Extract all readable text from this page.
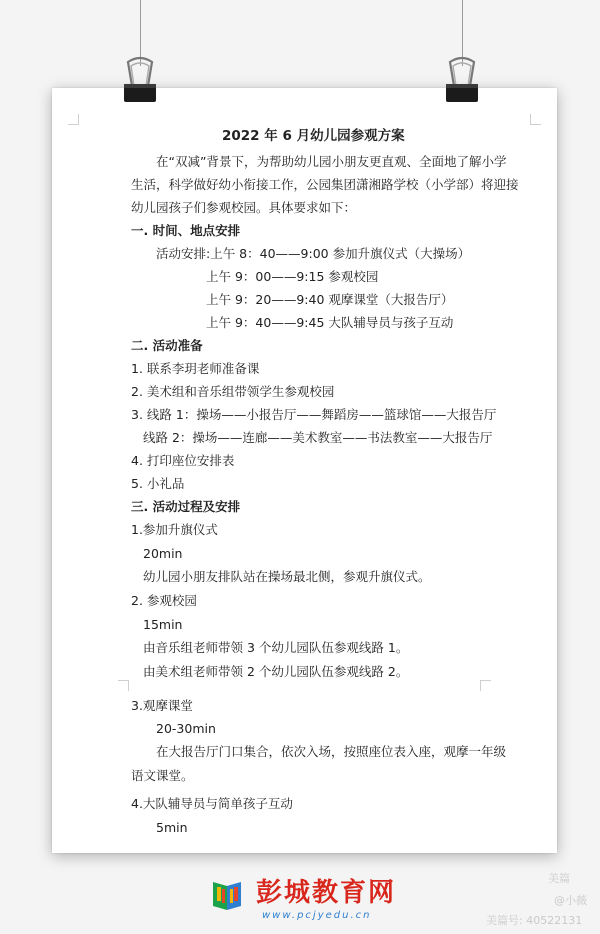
2022 年 6 月幼儿园参观方案
在“双减”背景下，为帮助幼儿园小朋友更直观、全面地了解小学
生活，科学做好幼小衔接工作，公园集团潇湘路学校（小学部）将迎接
幼儿园孩子们参观校园。具体要求如下：
一. 时间、地点安排
活动安排:上午 8：40——9:00 参加升旗仪式（大操场）
上午 9：00——9:15 参观校园
上午 9：20——9:40 观摩课堂（大报告厅）
上午 9：40——9:45 大队辅导员与孩子互动
二. 活动准备
1. 联系李玥老师准备课
2. 美术组和音乐组带领学生参观校园
3. 线路 1：操场——小报告厅——舞蹈房——篮球馆——大报告厅
线路 2：操场——连廊——美术教室——书法教室——大报告厅
4. 打印座位安排表
5. 小礼品
三. 活动过程及安排
1.参加升旗仪式
20min
幼儿园小朋友排队站在操场最北侧，参观升旗仪式。
2. 参观校园
15min
由音乐组老师带领 3 个幼儿园队伍参观线路 1。
由美术组老师带领 2 个幼儿园队伍参观线路 2。
3.观摩课堂
20-30min
在大报告厅门口集合，依次入场，按照座位表入座，观摩一年级
语文课堂。
4.大队辅导员与简单孩子互动
5min
彭城教育网
www.pcjyedu.cn
美篇
@小薇
美篇号: 40522131
